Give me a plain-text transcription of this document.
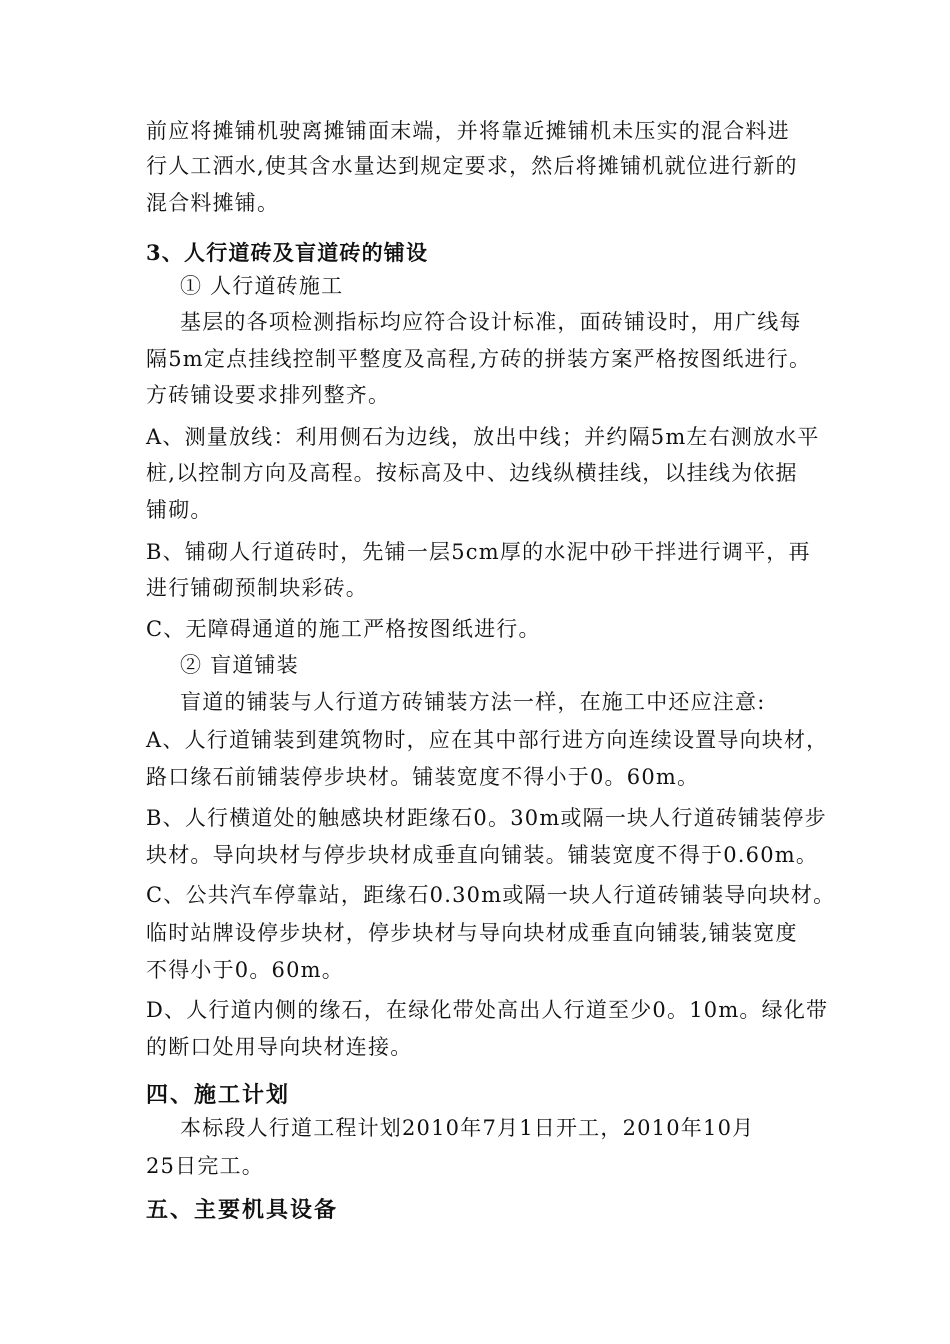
前应将摊铺机驶离摊铺面末端，并将靠近摊铺机未压实的混合料进
行人工洒水,使其含水量达到规定要求，然后将摊铺机就位进行新的
混合料摊铺。
3、人行道砖及盲道砖的铺设
① 人行道砖施工
基层的各项检测指标均应符合设计标准，面砖铺设时，用广线每
隔5m定点挂线控制平整度及高程,方砖的拼装方案严格按图纸进行。
方砖铺设要求排列整齐。
A、测量放线：利用侧石为边线，放出中线；并约隔5m左右测放水平
桩,以控制方向及高程。按标高及中、边线纵横挂线，以挂线为依据
铺砌。
B、铺砌人行道砖时，先铺一层5cm厚的水泥中砂干拌进行调平，再
进行铺砌预制块彩砖。
C、无障碍通道的施工严格按图纸进行。
② 盲道铺装
盲道的铺装与人行道方砖铺装方法一样，在施工中还应注意:
A、人行道铺装到建筑物时，应在其中部行进方向连续设置导向块材，
路口缘石前铺装停步块材。铺装宽度不得小于0。60m。
B、人行横道处的触感块材距缘石0。30m或隔一块人行道砖铺装停步
块材。导向块材与停步块材成垂直向铺装。铺装宽度不得于0.60m。
C、公共汽车停靠站，距缘石0.30m或隔一块人行道砖铺装导向块材。
临时站牌设停步块材，停步块材与导向块材成垂直向铺装,铺装宽度
不得小于0。60m。
D、人行道内侧的缘石，在绿化带处高出人行道至少0。10m。绿化带
的断口处用导向块材连接。
四、施工计划
本标段人行道工程计划2010年7月1日开工，2010年10月
25日完工。
五、主要机具设备
